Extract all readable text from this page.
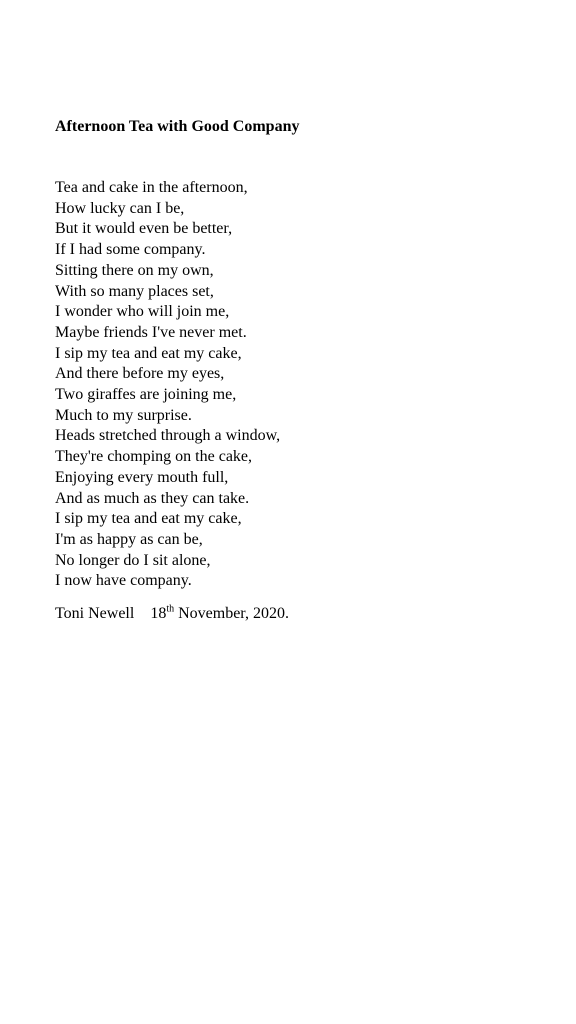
Afternoon Tea with Good Company
Tea and cake in the afternoon,
How lucky can I be,
But it would even be better,
If I had some company.
Sitting there on my own,
With so many places set,
I wonder who will join me,
Maybe friends I've never met.
I sip my tea and eat my cake,
And there before my eyes,
Two giraffes are joining me,
Much to my surprise.
Heads stretched through a window,
They're chomping on the cake,
Enjoying every mouth full,
And as much as they can take.
I sip my tea and eat my cake,
I'm as happy as can be,
No longer do I sit alone,
I now have company.
Toni Newell 18th November, 2020.
